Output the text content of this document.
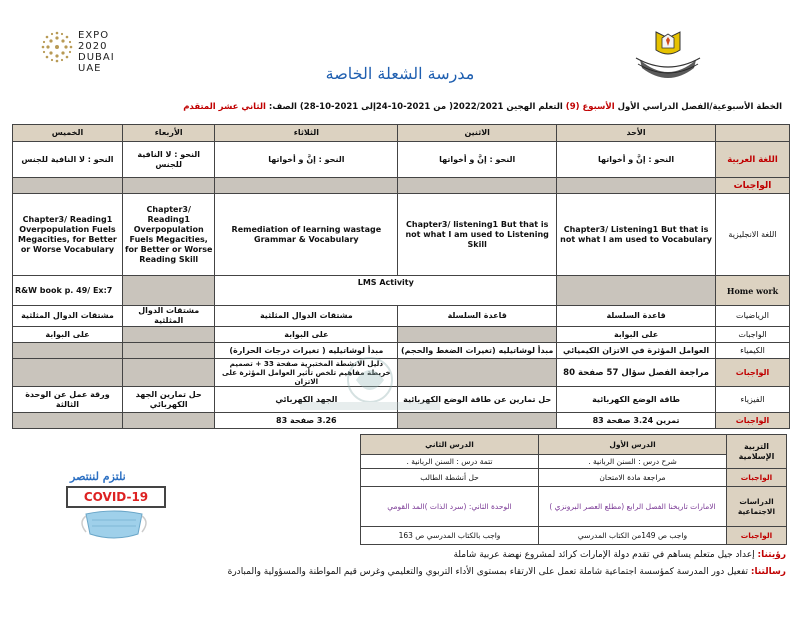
EXPO
2020
DUBAI
UAE	مدرسة الشعلة الخاصة
الخطة الأسبوعية/الفصل الدراسي الأول الأسبوع (9) التعلم الهجين 2022/2021( من 2021-10-24إلى 2021-10-28) الصف: الثاني عشر المتقدم
	الأحد	الاثنين	الثلاثاء	الأربعاء	الخميس
اللغة العربية	النحو : إنَّ و أخواتها	النحو : إنَّ و أخواتها	النحو : إنَّ و أخواتها	النحو : لا النافية للجنس	النحو : لا النافية للجنس
الواجبات					
اللغة الانجليزية	Chapter3/ Listening1 But that is not what I am used to Vocabulary	Chapter3/ listening1 But that is not what I am used to Listening Skill	Remediation of learning wastage Grammar & Vocabulary	Chapter3/ Reading1 Overpopulation Fuels Megacities, for Better or Worse Reading Skill	Chapter3/ Reading1 Overpopulation Fuels Megacities, for Better or Worse Vocabulary
Home work		LMS Activity			R&W book p. 49/ Ex:7
الرياضيات	قاعدة السلسلة	قاعدة السلسلة	مشتقات الدوال المثلثية	مشتقات الدوال المثلثية	مشتقات الدوال المثلثية
الواجبات	على البوابة		على البوابة		على البوابة
الكيمياء	العوامل المؤثرة في الاتزان الكيميائي	مبدأ لوشاتيليه (تغيرات الضغط والحجم)	مبدأ لوشاتيليه ( تغيرات درجات الحرارة)		
الواجبات	مراجعة الفصل سؤال 57 صفحة 80		دليل الانشطة المختبرية صفحة 33 + تصميم خريطة مفاهيم تلخص تأثير العوامل المؤثرة على الاتزان		
الفيزياء	طاقة الوضع الكهربائية	حل تمارين عن طاقة الوضع الكهربائية	الجهد الكهربائي	حل تمارين الجهد الكهربائي	ورقة عمل عن الوحدة الثالثة
الواجبات	تمرين 3.24 صفحة 83		3.26 صفحة 83		
التربية الإسلامية	الدرس الأول	الدرس الثاني
	شرح درس : السنن الربانية .	تتمة درس : السنن الربانية .
الواجبات	مراجعة مادة الامتحان	حل أنشطة الطالب
الدراسات الاجتماعية	الامارات تاريخنا الفصل الرابع (مطلع العصر البرونزي )	الوحدة الثاني: (سرد الذات )المد القومي
الواجبات	واجب ص 149من الكتاب المدرسي	واجب بالكتاب المدرسي ص 163
نلتزم لننتصر
COVID-19
رؤيتنا: إعداد جيل متعلم يساهم في تقدم دولة الإمارات كرائد لمشروع نهضة عربية شاملة
رسالتنا: تفعيل دور المدرسة كمؤسسة اجتماعية شاملة تعمل على الارتقاء بمستوى الأداء التربوي والتعليمي وغرس قيم المواطنة والمسؤولية والمبادرة
